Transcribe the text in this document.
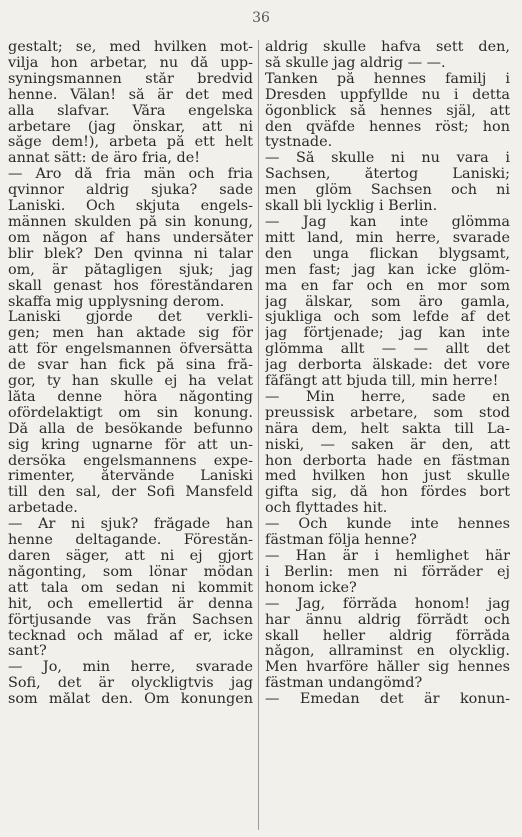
36
gestalt; se, med hvilken mot-
vilja hon arbetar, nu då upp-
syningsmannen står bredvid
henne. Välan! så är det med
alla slafvar. Våra engelska
arbetare (jag önskar, att ni
såge dem!), arbeta på ett helt
annat sätt: de äro fria, de!
— Äro då fria män och fria
qvinnor aldrig sjuka? sade
Laniski. Och skjuta engels-
männen skulden på sin konung,
om någon af hans undersåter
blir blek? Den qvinna ni talar
om, är påtagligen sjuk; jag
skall genast hos föreståndaren
skaffa mig upplysning derom.
Laniski gjorde det verkli-
gen; men han aktade sig för
att för engelsmannen öfversätta
de svar han fick på sina frå-
gor, ty han skulle ej ha velat
låta denne höra någonting
ofördelaktigt om sin konung.
Då alla de besökande befunno
sig kring ugnarne för att un-
dersöka engelsmannens expe-
rimenter, återvände Laniski
till den sal, der Sofi Mansfeld
arbetade.
— Är ni sjuk? frågade han
henne deltagande. Förestån-
daren säger, att ni ej gjort
någonting, som lönar mödan
att tala om sedan ni kommit
hit, och emellertid är denna
förtjusande vas från Sachsen
tecknad och målad af er, icke
sant?
— Jo, min herre, svarade
Sofi, det är olyckligtvis jag
som målat den. Om konungen
aldrig skulle hafva sett den,
så skulle jag aldrig — —.
Tanken på hennes familj i
Dresden uppfyllde nu i detta
ögonblick så hennes själ, att
den qväfde hennes röst; hon
tystnade.
— Så skulle ni nu vara i
Sachsen, återtog Laniski;
men glöm Sachsen och ni
skall bli lycklig i Berlin.
— Jag kan inte glömma
mitt land, min herre, svarade
den unga flickan blygsamt,
men fast; jag kan icke glöm-
ma en far och en mor som
jag älskar, som äro gamla,
sjukliga och som lefde af det
jag förtjenade; jag kan inte
glömma allt — — allt det
jag derborta älskade: det vore
fåfängt att bjuda till, min herre!
— Min herre, sade en
preussisk arbetare, som stod
nära dem, helt sakta till La-
niski, — saken är den, att
hon derborta hade en fästman
med hvilken hon just skulle
gifta sig, då hon fördes bort
och flyttades hit.
— Och kunde inte hennes
fästman följa henne?
— Han är i hemlighet här
i Berlin: men ni förråder ej
honom icke?
— Jag, förråda honom! jag
har ännu aldrig förrådt och
skall heller aldrig förråda
någon, allraminst en olycklig.
Men hvarföre håller sig hennes
fästman undangömd?
— Emedan det är konun-
